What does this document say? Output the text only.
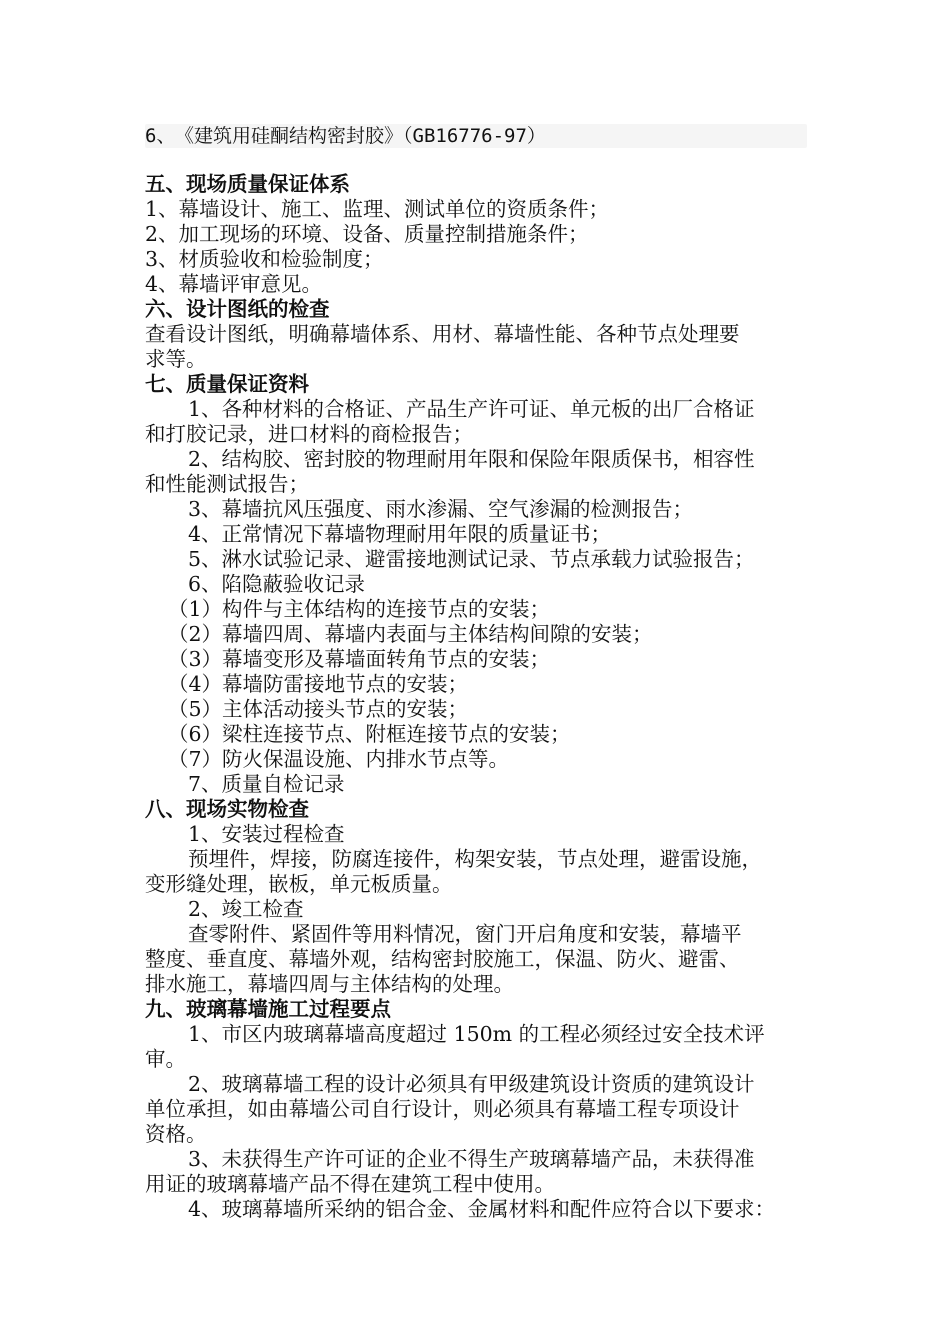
6、 《建筑用硅酮结构密封胶》（GB16776-97）
五、现场质量保证体系
1、幕墙设计、施工、监理、测试单位的资质条件；
2、加工现场的环境、设备、质量控制措施条件；
3、材质验收和检验制度；
4、幕墙评审意见。
六、设计图纸的检查
查看设计图纸，明确幕墙体系、用材、幕墙性能、各种节点处理要
求等。
七、质量保证资料
1、各种材料的合格证、产品生产许可证、单元板的出厂合格证
和打胶记录，进口材料的商检报告；
2、结构胶、密封胶的物理耐用年限和保险年限质保书，相容性
和性能测试报告；
3、幕墙抗风压强度、雨水渗漏、空气渗漏的检测报告；
4、正常情况下幕墙物理耐用年限的质量证书；
5、淋水试验记录、避雷接地测试记录、节点承载力试验报告；
6、陷隐蔽验收记录
（1）构件与主体结构的连接节点的安装；
（2）幕墙四周、幕墙内表面与主体结构间隙的安装；
（3）幕墙变形及幕墙面转角节点的安装；
（4）幕墙防雷接地节点的安装；
（5）主体活动接头节点的安装；
（6）梁柱连接节点、附框连接节点的安装；
（7）防火保温设施、内排水节点等。
7、质量自检记录
八、现场实物检查
1、安装过程检查
预埋件，焊接，防腐连接件，构架安装，节点处理，避雷设施，
变形缝处理，嵌板，单元板质量。
2、竣工检查
查零附件、紧固件等用料情况，窗门开启角度和安装，幕墙平
整度、垂直度、幕墙外观，结构密封胶施工，保温、防火、避雷、
排水施工，幕墙四周与主体结构的处理。
九、玻璃幕墙施工过程要点
1、市区内玻璃幕墙高度超过 150m 的工程必须经过安全技术评
审。
2、玻璃幕墙工程的设计必须具有甲级建筑设计资质的建筑设计
单位承担，如由幕墙公司自行设计，则必须具有幕墙工程专项设计
资格。
3、未获得生产许可证的企业不得生产玻璃幕墙产品，未获得准
用证的玻璃幕墙产品不得在建筑工程中使用。
4、玻璃幕墙所采纳的铝合金、金属材料和配件应符合以下要求：
